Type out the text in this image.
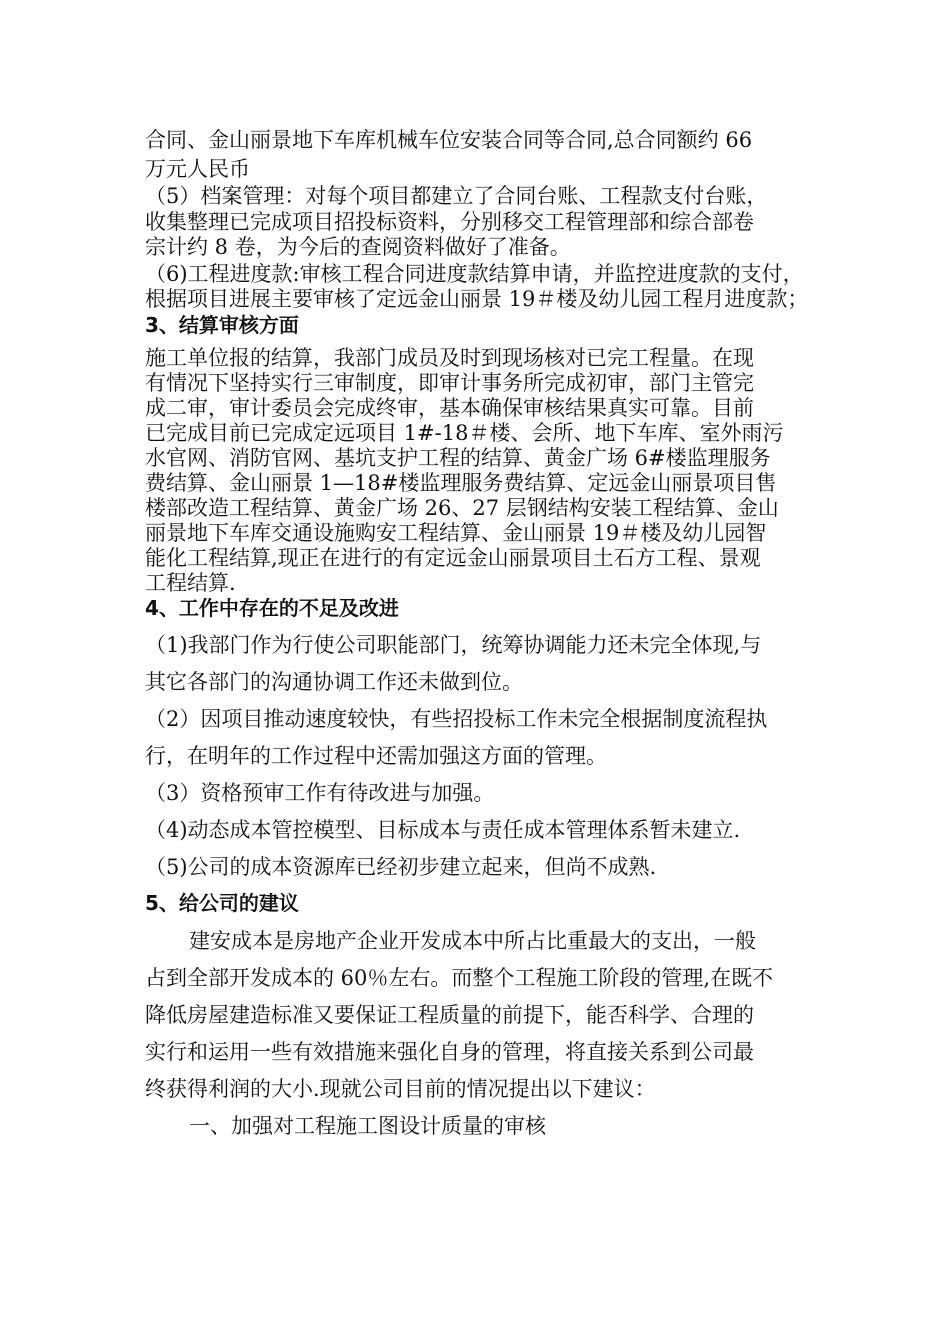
合同、金山丽景地下车库机械车位安装合同等合同,总合同额约 66
万元人民币
（5）档案管理：对每个项目都建立了合同台账、工程款支付台账，
收集整理已完成项目招投标资料，分别移交工程管理部和综合部卷
宗计约 8 卷，为今后的查阅资料做好了准备。
（6)工程进度款:审核工程合同进度款结算申请，并监控进度款的支付，
根据项目进展主要审核了定远金山丽景 19＃楼及幼儿园工程月进度款；
3、结算审核方面
施工单位报的结算，我部门成员及时到现场核对已完工程量。在现
有情况下坚持实行三审制度，即审计事务所完成初审，部门主管完
成二审，审计委员会完成终审，基本确保审核结果真实可靠。目前
已完成目前已完成定远项目 1#-18＃楼、会所、地下车库、室外雨污
水官网、消防官网、基坑支护工程的结算、黄金广场 6#楼监理服务
费结算、金山丽景 1—18#楼监理服务费结算、定远金山丽景项目售
楼部改造工程结算、黄金广场 26、27 层钢结构安装工程结算、金山
丽景地下车库交通设施购安工程结算、金山丽景 19＃楼及幼儿园智
能化工程结算,现正在进行的有定远金山丽景项目土石方工程、景观
工程结算.
4、工作中存在的不足及改进
（1)我部门作为行使公司职能部门，统筹协调能力还未完全体现,与
其它各部门的沟通协调工作还未做到位。
（2）因项目推动速度较快，有些招投标工作未完全根据制度流程执
行，在明年的工作过程中还需加强这方面的管理。
（3）资格预审工作有待改进与加强。
（4)动态成本管控模型、目标成本与责任成本管理体系暂未建立.
（5)公司的成本资源库已经初步建立起来，但尚不成熟.
5、给公司的建议
建安成本是房地产企业开发成本中所占比重最大的支出，一般
占到全部开发成本的 60％左右。而整个工程施工阶段的管理,在既不
降低房屋建造标准又要保证工程质量的前提下，能否科学、合理的
实行和运用一些有效措施来强化自身的管理，将直接关系到公司最
终获得利润的大小.现就公司目前的情况提出以下建议：
一、加强对工程施工图设计质量的审核
